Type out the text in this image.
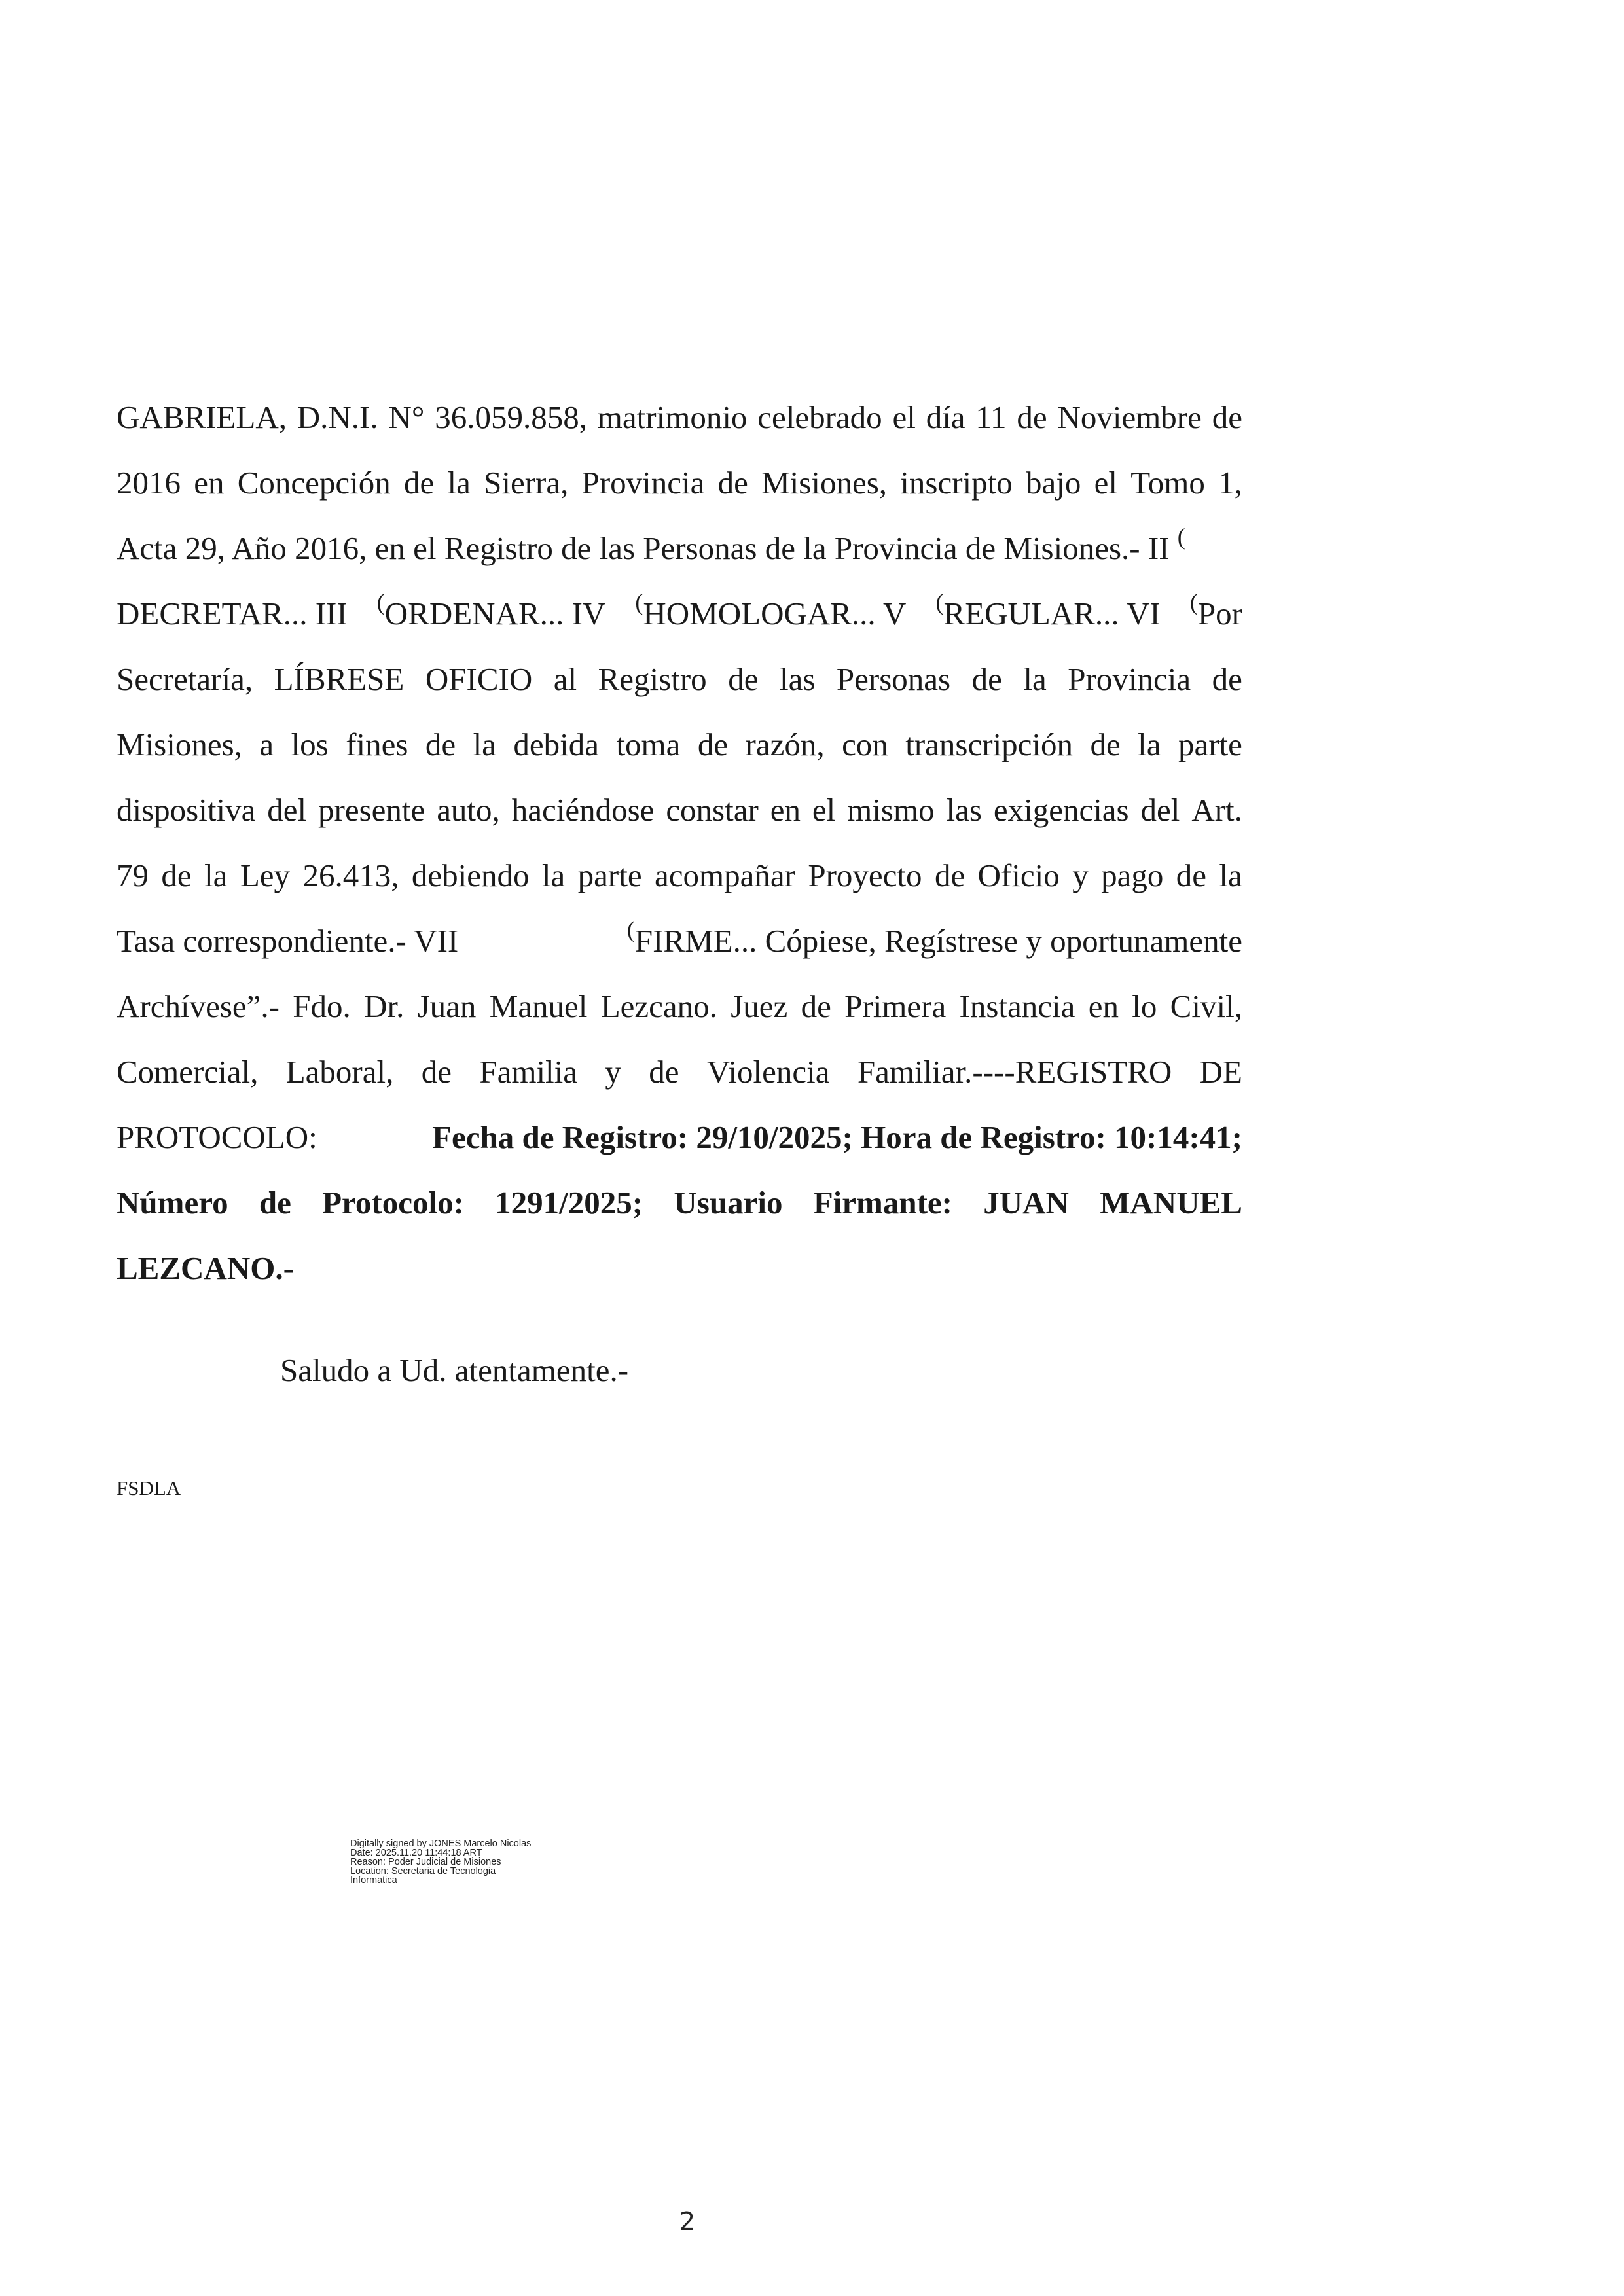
GABRIELA, D.N.I. N° 36.059.858, matrimonio celebrado el día 11 de Noviembre de
2016 en Concepción de la Sierra, Provincia de Misiones, inscripto bajo el Tomo 1,
Acta 29, Año 2016, en el Registro de las Personas de la Provincia de Misiones.- II (
DECRETAR... III (ORDENAR... IV (HOMOLOGAR... V (REGULAR... VI (Por
Secretaría, LÍBRESE OFICIO al Registro de las Personas de la Provincia de
Misiones, a los fines de la debida toma de razón, con transcripción de la parte
dispositiva del presente auto, haciéndose constar en el mismo las exigencias del Art.
79 de la Ley 26.413, debiendo la parte acompañar Proyecto de Oficio y pago de la
Tasa correspondiente.- VII	(FIRME... Cópiese, Regístrese y oportunamente
Archívese”.- Fdo. Dr. Juan Manuel Lezcano. Juez de Primera Instancia en lo Civil,
Comercial, Laboral, de Familia y de Violencia Familiar.----REGISTRO DE
PROTOCOLO:	Fecha de Registro: 29/10/2025; Hora de Registro: 10:14:41;
Número de Protocolo: 1291/2025; Usuario Firmante: JUAN MANUEL
LEZCANO.-
Saludo a Ud. atentamente.-
FSDLA
Digitally signed by JONES Marcelo Nicolas
Date: 2025.11.20 11:44:18 ART
Reason: Poder Judicial de Misiones
Location: Secretaria de Tecnologia
Informatica
2
